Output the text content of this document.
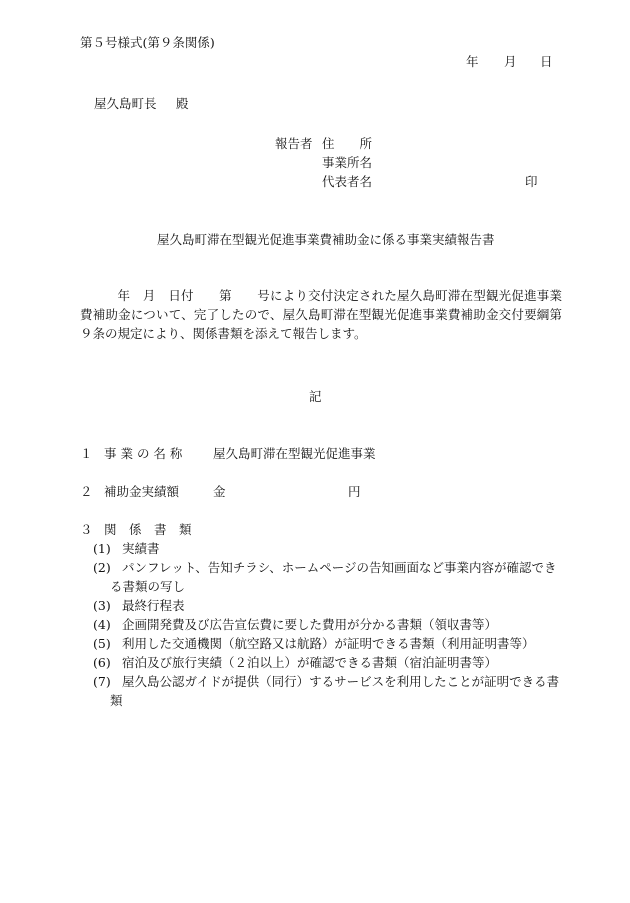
第５号様式(第９条関係)
年 月 日
屋久島町長 殿
報告者 住　　所
事業所名
代表者名	印
屋久島町滞在型観光促進事業費補助金に係る事業実績報告書
年　月　日付　　第　　号により交付決定された屋久島町滞在型観光促進事業費補助金について、完了したので、屋久島町滞在型観光促進事業費補助金交付要綱第９条の規定により、関係書類を添えて報告します。
記
１ 事 業 の 名 称 屋久島町滞在型観光促進事業
２ 補助金実績額	金	円
３ 関　係　書　類
(1) 実績書
(2) パンフレット、告知チラシ、ホームページの告知画面など事業内容が確認でき
る書類の写し
(3) 最終行程表
(4) 企画開発費及び広告宣伝費に要した費用が分かる書類（領収書等）
(5) 利用した交通機関（航空路又は航路）が証明できる書類（利用証明書等）
(6) 宿泊及び旅行実績（２泊以上）が確認できる書類（宿泊証明書等）
(7) 屋久島公認ガイドが提供（同行）するサービスを利用したことが証明できる書
類
